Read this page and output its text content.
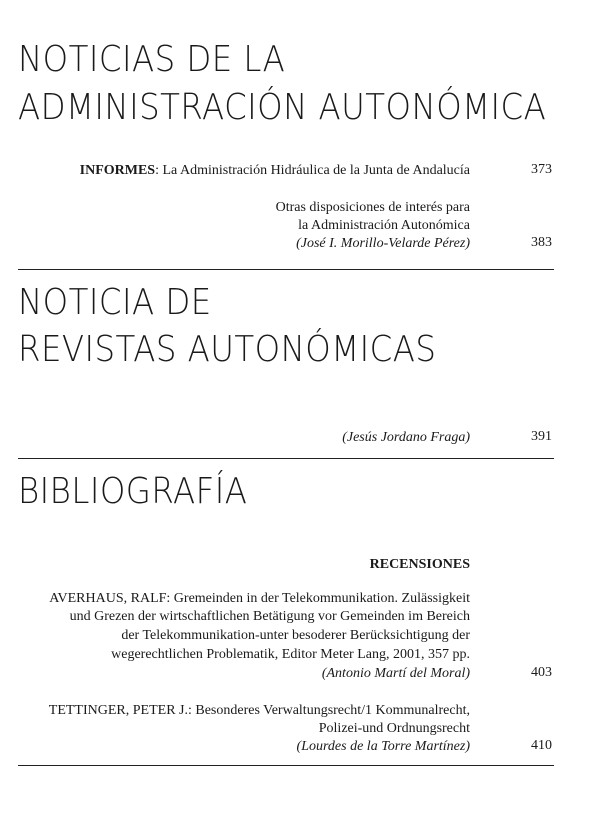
NOTICIAS DE LA
ADMINISTRACIÓN AUTONÓMICA
INFORMES: La Administración Hidráulica de la Junta de Andalucía	373
Otras disposiciones de interés para
la Administración Autonómica
(José I. Morillo-Velarde Pérez)	383
NOTICIA DE
REVISTAS AUTONÓMICAS
(Jesús Jordano Fraga)	391
BIBLIOGRAFÍA
RECENSIONES
AVERHAUS, RALF: Gremeinden in der Telekommunikation. Zulässigkeit
und Grezen der wirtschaftlichen Betätigung vor Gemeinden im Bereich
der Telekommunikation-unter besoderer Berücksichtigung der
wegerechtlichen Problematik, Editor Meter Lang, 2001, 357 pp.
(Antonio Martí del Moral)	403
TETTINGER, PETER J.: Besonderes Verwaltungsrecht/1 Kommunalrecht,
Polizei-und Ordnungsrecht
(Lourdes de la Torre Martínez)	410
